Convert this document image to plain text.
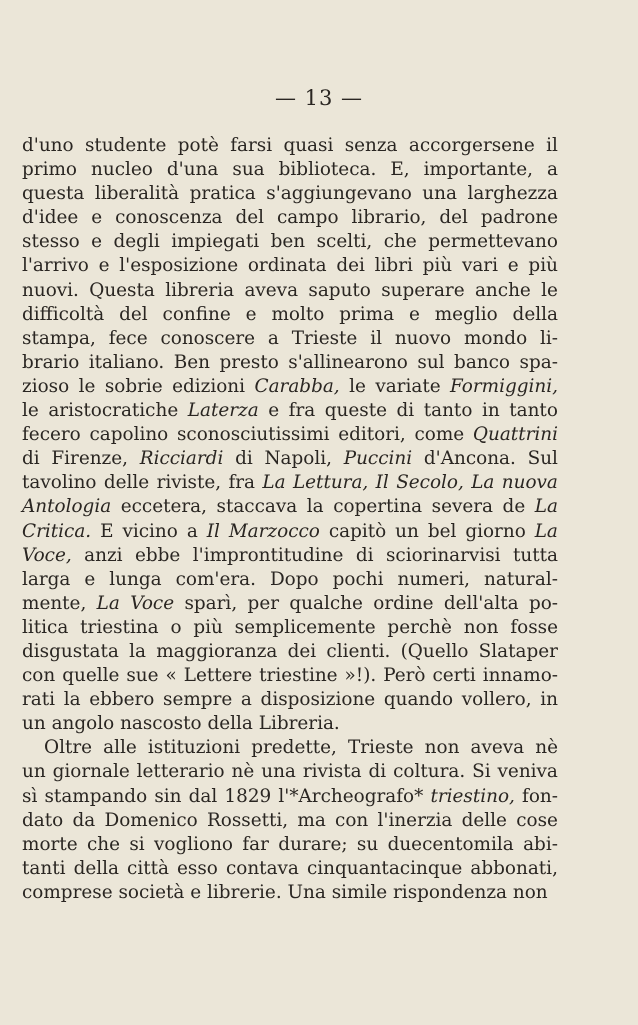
— 13 —
d'uno studente potè farsi quasi senza accorgersene il
primo nucleo d'una sua biblioteca. E, importante, a
questa liberalità pratica s'aggiungevano una larghezza
d'idee e conoscenza del campo librario, del padrone
stesso e degli impiegati ben scelti, che permettevano
l'arrivo e l'esposizione ordinata dei libri più vari e più
nuovi. Questa libreria aveva saputo superare anche le
difficoltà del confine e molto prima e meglio della
stampa, fece conoscere a Trieste il nuovo mondo li-
brario italiano. Ben presto s'allinearono sul banco spa-
zioso le sobrie edizioni Carabba, le variate Formiggini,
le aristocratiche Laterza e fra queste di tanto in tanto
fecero capolino sconosciutissimi editori, come Quattrini
di Firenze, Ricciardi di Napoli, Puccini d'Ancona. Sul
tavolino delle riviste, fra La Lettura, Il Secolo, La nuova
Antologia eccetera, staccava la copertina severa de La
Critica. E vicino a Il Marzocco capitò un bel giorno La
Voce, anzi ebbe l'improntitudine di sciorinarvisi tutta
larga e lunga com'era. Dopo pochi numeri, natural-
mente, La Voce sparì, per qualche ordine dell'alta po-
litica triestina o più semplicemente perchè non fosse
disgustata la maggioranza dei clienti. (Quello Slataper
con quelle sue « Lettere triestine »!). Però certi innamo-
rati la ebbero sempre a disposizione quando vollero, in
un angolo nascosto della Libreria.
Oltre alle istituzioni predette, Trieste non aveva nè
un giornale letterario nè una rivista di coltura. Si veniva
sì stampando sin dal 1829 l'*Archeografo* triestino, fon-
dato da Domenico Rossetti, ma con l'inerzia delle cose
morte che si vogliono far durare; su duecentomila abi-
tanti della città esso contava cinquantacinque abbonati,
comprese società e librerie. Una simile rispondenza non
